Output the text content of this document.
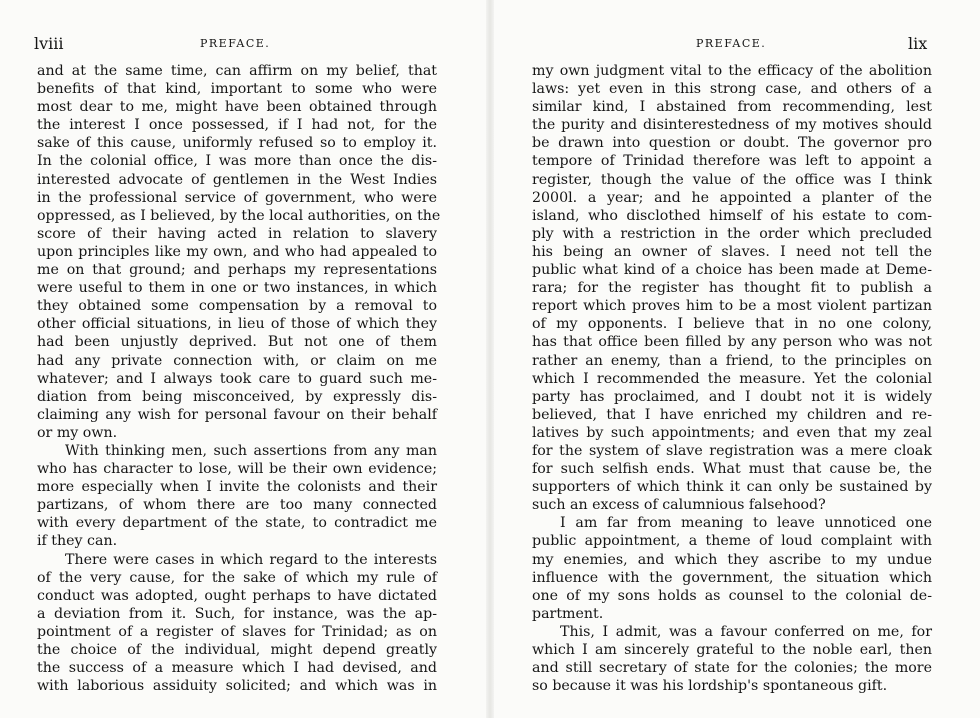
lviii	PREFACE.
and at the same time, can affirm on my belief, that
benefits of that kind, important to some who were
most dear to me, might have been obtained through
the interest I once possessed, if I had not, for the
sake of this cause, uniformly refused so to employ it.
In the colonial office, I was more than once the dis-
interested advocate of gentlemen in the West Indies
in the professional service of government, who were
oppressed, as I believed, by the local authorities, on the
score of their having acted in relation to slavery
upon principles like my own, and who had appealed to
me on that ground; and perhaps my representations
were useful to them in one or two instances, in which
they obtained some compensation by a removal to
other official situations, in lieu of those of which they
had been unjustly deprived. But not one of them
had any private connection with, or claim on me
whatever; and I always took care to guard such me-
diation from being misconceived, by expressly dis-
claiming any wish for personal favour on their behalf
or my own.
With thinking men, such assertions from any man
who has character to lose, will be their own evidence;
more especially when I invite the colonists and their
partizans, of whom there are too many connected
with every department of the state, to contradict me
if they can.
There were cases in which regard to the interests
of the very cause, for the sake of which my rule of
conduct was adopted, ought perhaps to have dictated
a deviation from it. Such, for instance, was the ap-
pointment of a register of slaves for Trinidad; as on
the choice of the individual, might depend greatly
the success of a measure which I had devised, and
with laborious assiduity solicited; and which was in
PREFACE.	lix
my own judgment vital to the efficacy of the abolition
laws: yet even in this strong case, and others of a
similar kind, I abstained from recommending, lest
the purity and disinterestedness of my motives should
be drawn into question or doubt. The governor pro
tempore of Trinidad therefore was left to appoint a
register, though the value of the office was I think
2000l. a year; and he appointed a planter of the
island, who disclothed himself of his estate to com-
ply with a restriction in the order which precluded
his being an owner of slaves. I need not tell the
public what kind of a choice has been made at Deme-
rara; for the register has thought fit to publish a
report which proves him to be a most violent partizan
of my opponents. I believe that in no one colony,
has that office been filled by any person who was not
rather an enemy, than a friend, to the principles on
which I recommended the measure. Yet the colonial
party has proclaimed, and I doubt not it is widely
believed, that I have enriched my children and re-
latives by such appointments; and even that my zeal
for the system of slave registration was a mere cloak
for such selfish ends. What must that cause be, the
supporters of which think it can only be sustained by
such an excess of calumnious falsehood?
I am far from meaning to leave unnoticed one
public appointment, a theme of loud complaint with
my enemies, and which they ascribe to my undue
influence with the government, the situation which
one of my sons holds as counsel to the colonial de-
partment.
This, I admit, was a favour conferred on me, for
which I am sincerely grateful to the noble earl, then
and still secretary of state for the colonies; the more
so because it was his lordship's spontaneous gift.
